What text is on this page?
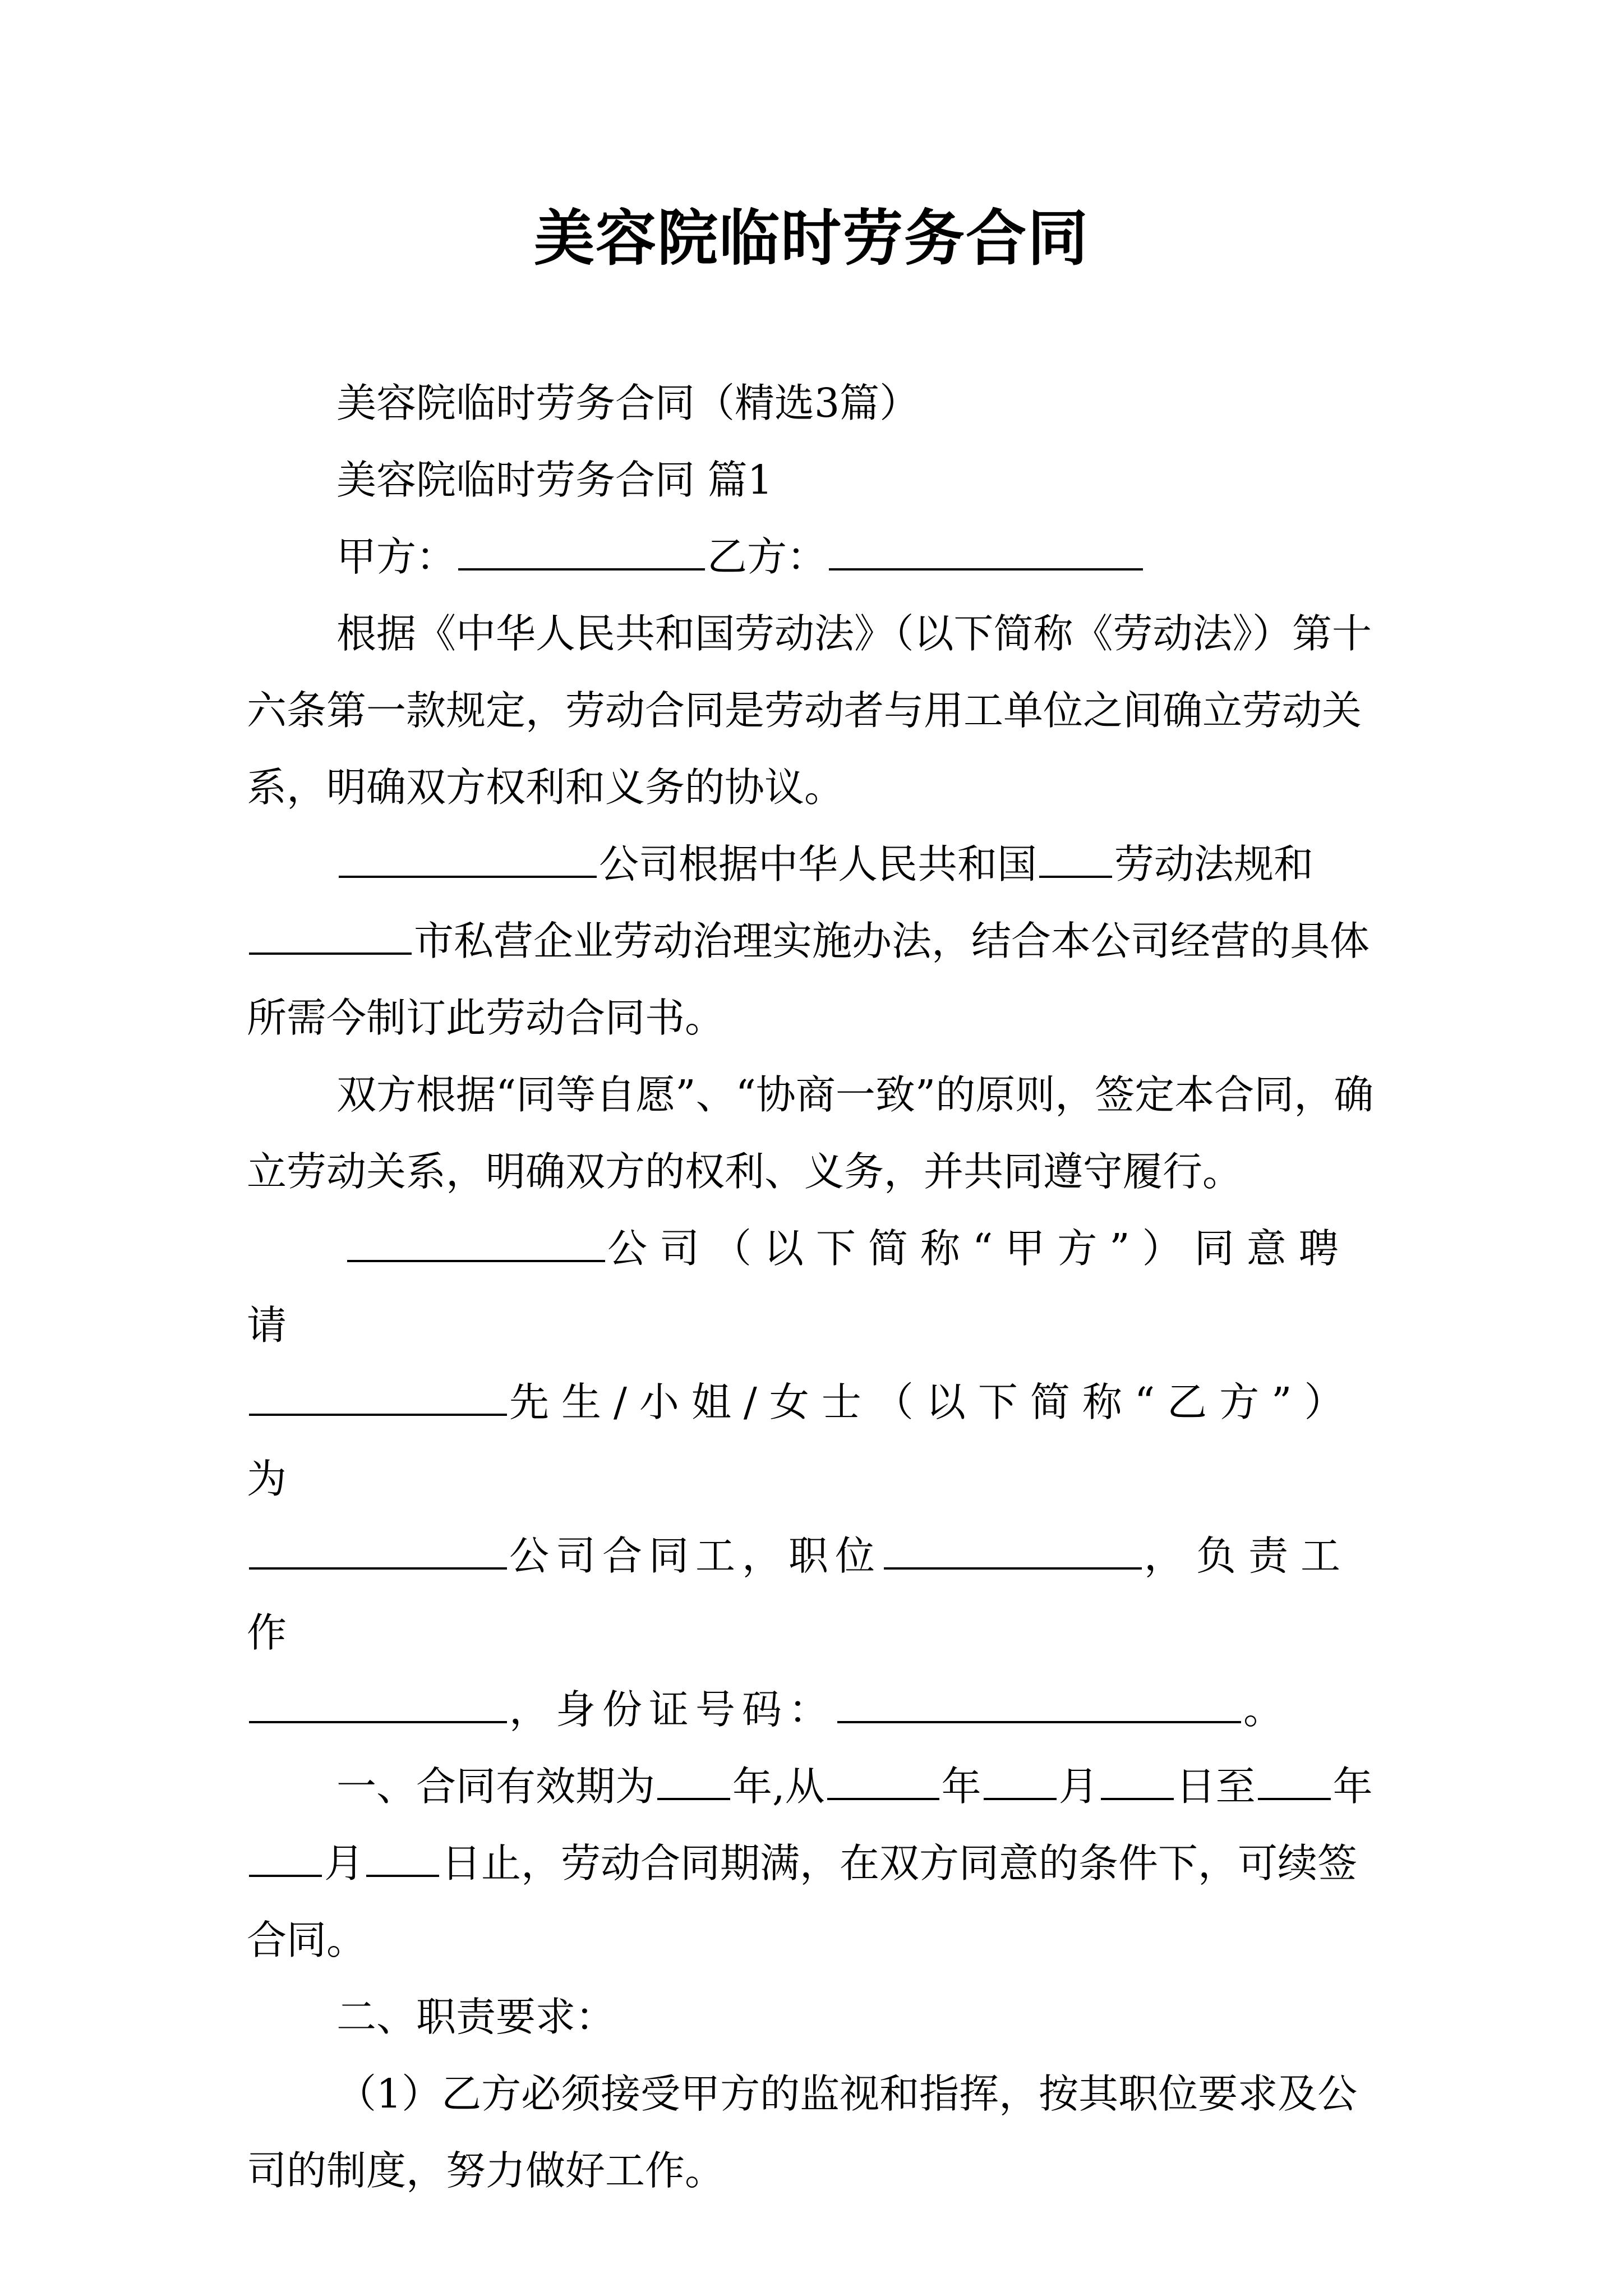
美容院临时劳务合同

美容院临时劳务合同（精选3篇）

美容院临时劳务合同 篇1

甲方：	乙方：

根据《中华人民共和国劳动法》（以下简称《劳动法》）第十六条第一款规定，劳动合同是劳动者与用工单位之间确立劳动关系，明确双方权利和义务的协议。

公司根据中华人民共和国 劳动法规和市私营企业劳动治理实施办法，结合本公司经营的具体所需今制订此劳动合同书。

双方根据“同等自愿”、“协商一致”的原则，签定本合同，确立劳动关系，明确双方的权利、义务，并共同遵守履行。

公司（以下简称“甲方”）同意聘请
先生/小姐/女士（以下简称“乙方”）为
公司合同工，职位	，负责工作
，身份证号码：	。

一、合同有效期为 年,从	年 月 日至 年月 日止，劳动合同期满，在双方同意的条件下，可续签合同。

二、职责要求：

（1）乙方必须接受甲方的监视和指挥，按其职位要求及公司的制度，努力做好工作。
